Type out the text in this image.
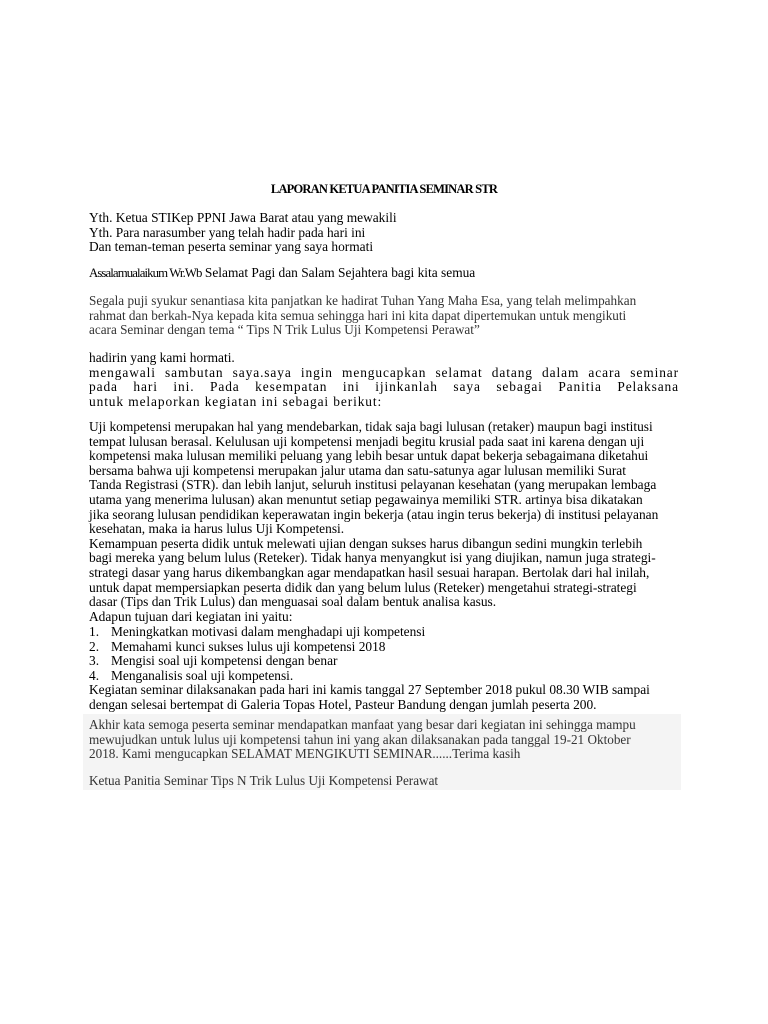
LAPORAN KETUA PANITIA SEMINAR STR

Yth. Ketua STIKep PPNI Jawa Barat atau yang mewakili

Yth. Para narasumber yang telah hadir pada hari ini

Dan teman-teman peserta seminar yang saya hormati

Assalamualaikum Wr.Wb Selamat Pagi dan Salam Sejahtera bagi kita semua

Segala puji syukur senantiasa kita panjatkan ke hadirat Tuhan Yang Maha Esa, yang telah melimpahkan

rahmat dan berkah-Nya kepada kita semua sehingga hari ini kita dapat dipertemukan untuk mengikuti

acara Seminar dengan tema “ Tips N Trik Lulus Uji Kompetensi Perawat”

hadirin yang kami hormati.

mengawali sambutan saya.saya ingin mengucapkan selamat datang dalam acara seminar

pada hari ini. Pada kesempatan ini ijinkanlah saya sebagai Panitia Pelaksana

untuk melaporkan kegiatan ini sebagai berikut:

Uji kompetensi merupakan hal yang mendebarkan, tidak saja bagi lulusan (retaker) maupun bagi institusi

tempat lulusan berasal. Kelulusan uji kompetensi menjadi begitu krusial pada saat ini karena dengan uji

kompetensi maka lulusan memiliki peluang yang lebih besar untuk dapat bekerja sebagaimana diketahui

bersama bahwa uji kompetensi merupakan jalur utama dan satu-satunya agar lulusan memiliki Surat

Tanda Registrasi (STR). dan lebih lanjut, seluruh institusi pelayanan kesehatan (yang merupakan lembaga

utama yang menerima lulusan) akan menuntut setiap pegawainya memiliki STR. artinya bisa dikatakan

jika seorang lulusan pendidikan keperawatan ingin bekerja (atau ingin terus bekerja) di institusi pelayanan

kesehatan, maka ia harus lulus Uji Kompetensi.

Kemampuan peserta didik untuk melewati ujian dengan sukses harus dibangun sedini mungkin terlebih

bagi mereka yang belum lulus (Reteker). Tidak hanya menyangkut isi yang diujikan, namun juga strategi-

strategi dasar yang harus dikembangkan agar mendapatkan hasil sesuai harapan. Bertolak dari hal inilah,

untuk dapat mempersiapkan peserta didik dan yang belum lulus (Reteker) mengetahui strategi-strategi

dasar (Tips dan Trik Lulus) dan menguasai soal dalam bentuk analisa kasus.

Adapun tujuan dari kegiatan ini yaitu:

1. Meningkatkan motivasi dalam menghadapi uji kompetensi
2. Memahami kunci sukses lulus uji kompetensi 2018
3. Mengisi soal uji kompetensi dengan benar
4. Menganalisis soal uji kompetensi.

Kegiatan seminar dilaksanakan pada hari ini kamis tanggal 27 September 2018 pukul 08.30 WIB sampai

dengan selesai bertempat di Galeria Topas Hotel, Pasteur Bandung dengan jumlah peserta 200.

Akhir kata semoga peserta seminar mendapatkan manfaat yang besar dari kegiatan ini sehingga mampu

mewujudkan untuk lulus uji kompetensi tahun ini yang akan dilaksanakan pada tanggal 19-21 Oktober

2018. Kami mengucapkan SELAMAT MENGIKUTI SEMINAR......Terima kasih

Ketua Panitia Seminar Tips N Trik Lulus Uji Kompetensi Perawat
